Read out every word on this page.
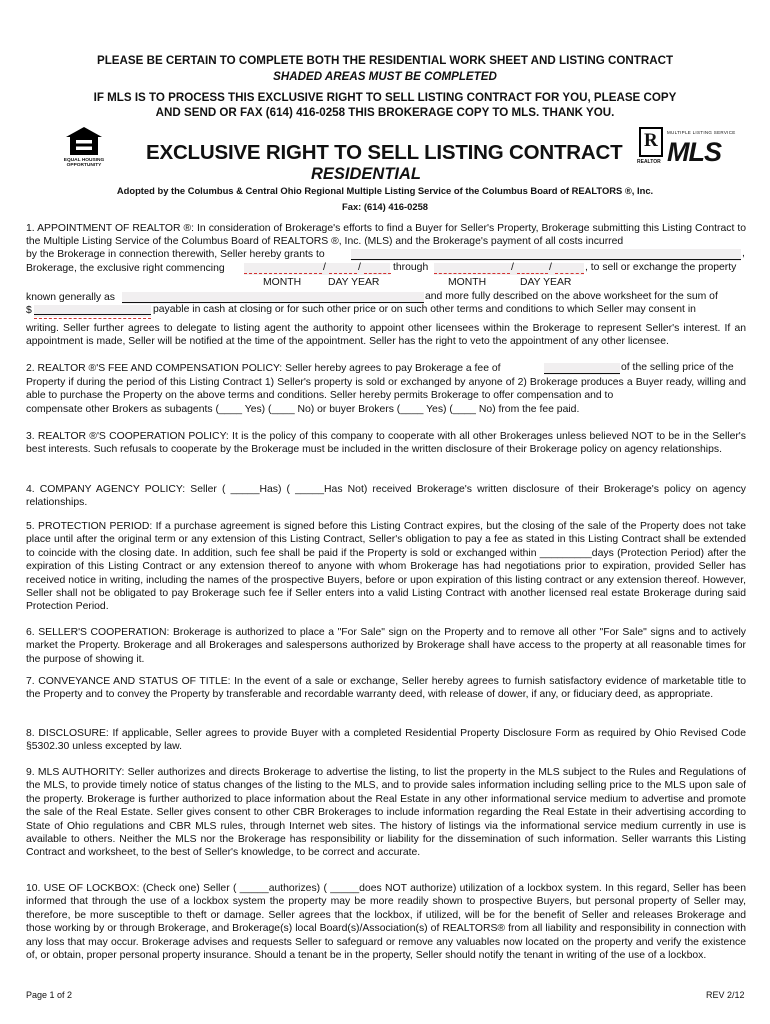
PLEASE BE CERTAIN TO COMPLETE BOTH THE RESIDENTIAL WORK SHEET AND LISTING CONTRACT
SHADED AREAS MUST BE COMPLETED
IF MLS IS TO PROCESS THIS EXCLUSIVE RIGHT TO SELL LISTING CONTRACT FOR YOU, PLEASE COPY
AND SEND OR FAX (614) 416-0258 THIS BROKERAGE COPY TO MLS. THANK YOU.
EQUAL HOUSING OPPORTUNITY
EXCLUSIVE RIGHT TO SELL LISTING CONTRACT
RESIDENTIAL
R
REALTOR
MULTIPLE LISTING SERVICE
MLS
Adopted by the Columbus & Central Ohio Regional Multiple Listing Service of the Columbus Board of REALTORS ®, Inc.
Fax: (614) 416-0258
1. APPOINTMENT OF REALTOR ®: In consideration of Brokerage's efforts to find a Buyer for Seller's Property, Brokerage submitting this Listing Contract to the Multiple Listing Service of the Columbus Board of REALTORS ®, Inc. (MLS) and the Brokerage's payment of all costs incurred
by the Brokerage in connection therewith, Seller hereby grants to	,
Brokerage, the exclusive right commencing	/	/	through	/	/	, to sell or exchange the property
MONTH	DAY YEAR	MONTH	DAY YEAR
known generally as	and more fully described on the above worksheet for the sum of
$	payable in cash at closing or for such other price or on such other terms and conditions to which Seller may consent in
writing. Seller further agrees to delegate to listing agent the authority to appoint other licensees within the Brokerage to represent Seller's interest. If an appointment is made, Seller will be notified at the time of the appointment. Seller has the right to veto the appointment of any other licensee.
2. REALTOR ®'S FEE AND COMPENSATION POLICY: Seller hereby agrees to pay Brokerage a fee of	of the selling price of the
Property if during the period of this Listing Contract 1) Seller's property is sold or exchanged by anyone of 2) Brokerage produces a Buyer ready, willing and able to purchase the Property on the above terms and conditions. Seller hereby permits Brokerage to offer compensation and to
compensate other Brokers as subagents (____ Yes) (____ No) or buyer Brokers (____ Yes) (____ No) from the fee paid.
3. REALTOR ®'S COOPERATION POLICY: It is the policy of this company to cooperate with all other Brokerages unless believed NOT to be in the Seller's best interests. Such refusals to cooperate by the Brokerage must be included in the written disclosure of their Brokerage policy on agency relationships.
4. COMPANY AGENCY POLICY: Seller ( _____Has) ( _____Has Not) received Brokerage's written disclosure of their Brokerage's policy on agency relationships.
5. PROTECTION PERIOD: If a purchase agreement is signed before this Listing Contract expires, but the closing of the sale of the Property does not take place until after the original term or any extension of this Listing Contract, Seller's obligation to pay a fee as stated in this Listing Contract shall be extended to coincide with the closing date. In addition, such fee shall be paid if the Property is sold or exchanged within _________days (Protection Period) after the expiration of this Listing Contract or any extension thereof to anyone with whom Brokerage has had negotiations prior to expiration, provided Seller has received notice in writing, including the names of the prospective Buyers, before or upon expiration of this listing contract or any extension thereof. However, Seller shall not be obligated to pay Brokerage such fee if Seller enters into a valid Listing Contract with another licensed real estate Brokerage during said Protection Period.
6. SELLER'S COOPERATION: Brokerage is authorized to place a "For Sale" sign on the Property and to remove all other "For Sale" signs and to actively market the Property. Brokerage and all Brokerages and salespersons authorized by Brokerage shall have access to the property at all reasonable times for the purpose of showing it.
7. CONVEYANCE AND STATUS OF TITLE: In the event of a sale or exchange, Seller hereby agrees to furnish satisfactory evidence of marketable title to the Property and to convey the Property by transferable and recordable warranty deed, with release of dower, if any, or fiduciary deed, as appropriate.
8. DISCLOSURE: If applicable, Seller agrees to provide Buyer with a completed Residential Property Disclosure Form as required by Ohio Revised Code §5302.30 unless excepted by law.
9. MLS AUTHORITY: Seller authorizes and directs Brokerage to advertise the listing, to list the property in the MLS subject to the Rules and Regulations of the MLS, to provide timely notice of status changes of the listing to the MLS, and to provide sales information including selling price to the MLS upon sale of the property. Brokerage is further authorized to place information about the Real Estate in any other informational service medium to advertise and promote the sale of the Real Estate. Seller gives consent to other CBR Brokerages to include information regarding the Real Estate in their advertising according to State of Ohio regulations and CBR MLS rules, through Internet web sites. The history of listings via the informational service medium currently in use is available to others. Neither the MLS nor the Brokerage has responsibility or liability for the dissemination of such information. Seller warrants this Listing Contract and worksheet, to the best of Seller's knowledge, to be correct and accurate.
10. USE OF LOCKBOX: (Check one) Seller ( _____authorizes) ( _____does NOT authorize) utilization of a lockbox system. In this regard, Seller has been informed that through the use of a lockbox system the property may be more readily shown to prospective Buyers, but personal property of Seller may, therefore, be more susceptible to theft or damage. Seller agrees that the lockbox, if utilized, will be for the benefit of Seller and releases Brokerage and those working by or through Brokerage, and Brokerage(s) local Board(s)/Association(s) of REALTORS® from all liability and responsibility in connection with any loss that may occur. Brokerage advises and requests Seller to safeguard or remove any valuables now located on the property and verify the existence of, or obtain, proper personal property insurance. Should a tenant be in the property, Seller should notify the tenant in writing of the use of a lockbox.
Page 1 of 2	REV 2/12
